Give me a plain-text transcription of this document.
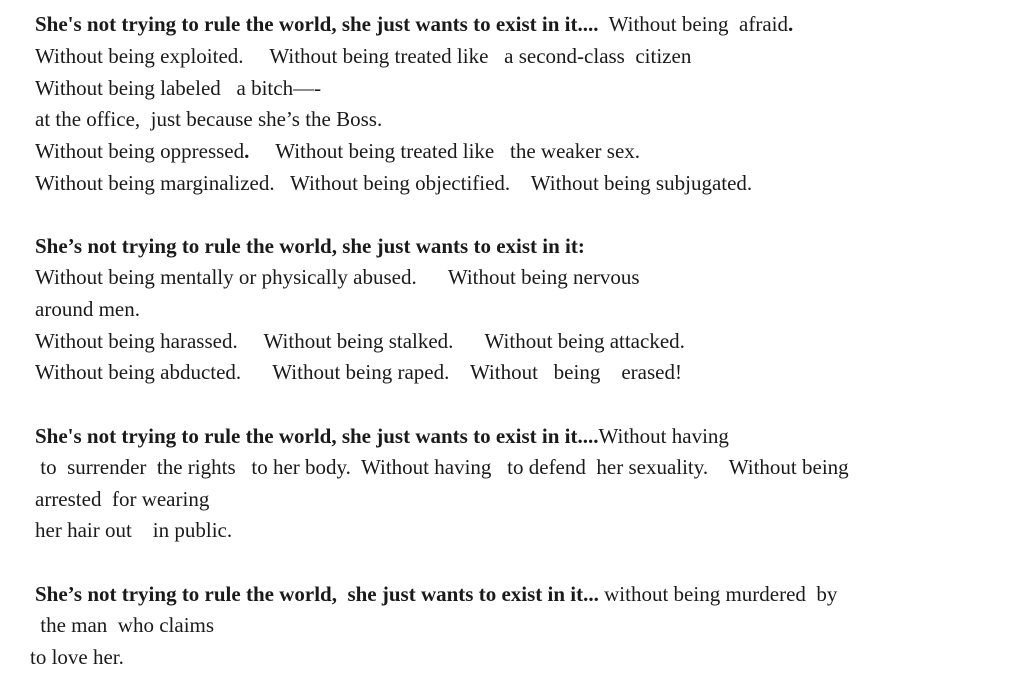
She's not trying to rule the world, she just wants to exist in it....  Without being  afraid.
Without being exploited.     Without being treated like   a second-class  citizen
Without being labeled   a bitch—-
at the office,  just because she’s the Boss.
Without being oppressed.     Without being treated like   the weaker sex.
Without being marginalized.   Without being objectified.    Without being subjugated.
She’s not trying to rule the world, she just wants to exist in it:
Without being mentally or physically abused.      Without being nervous
around men.
Without being harassed.     Without being stalked.      Without being attacked.
Without being abducted.      Without being raped.    Without   being    erased!
She's not trying to rule the world, she just wants to exist in it....Without having
to  surrender  the rights   to her body.  Without having   to defend  her sexuality.    Without being
arrested  for wearing
her hair out    in public.
She’s not trying to rule the world,  she just wants to exist in it... without being murdered  by
the man  who claims
to love her.
